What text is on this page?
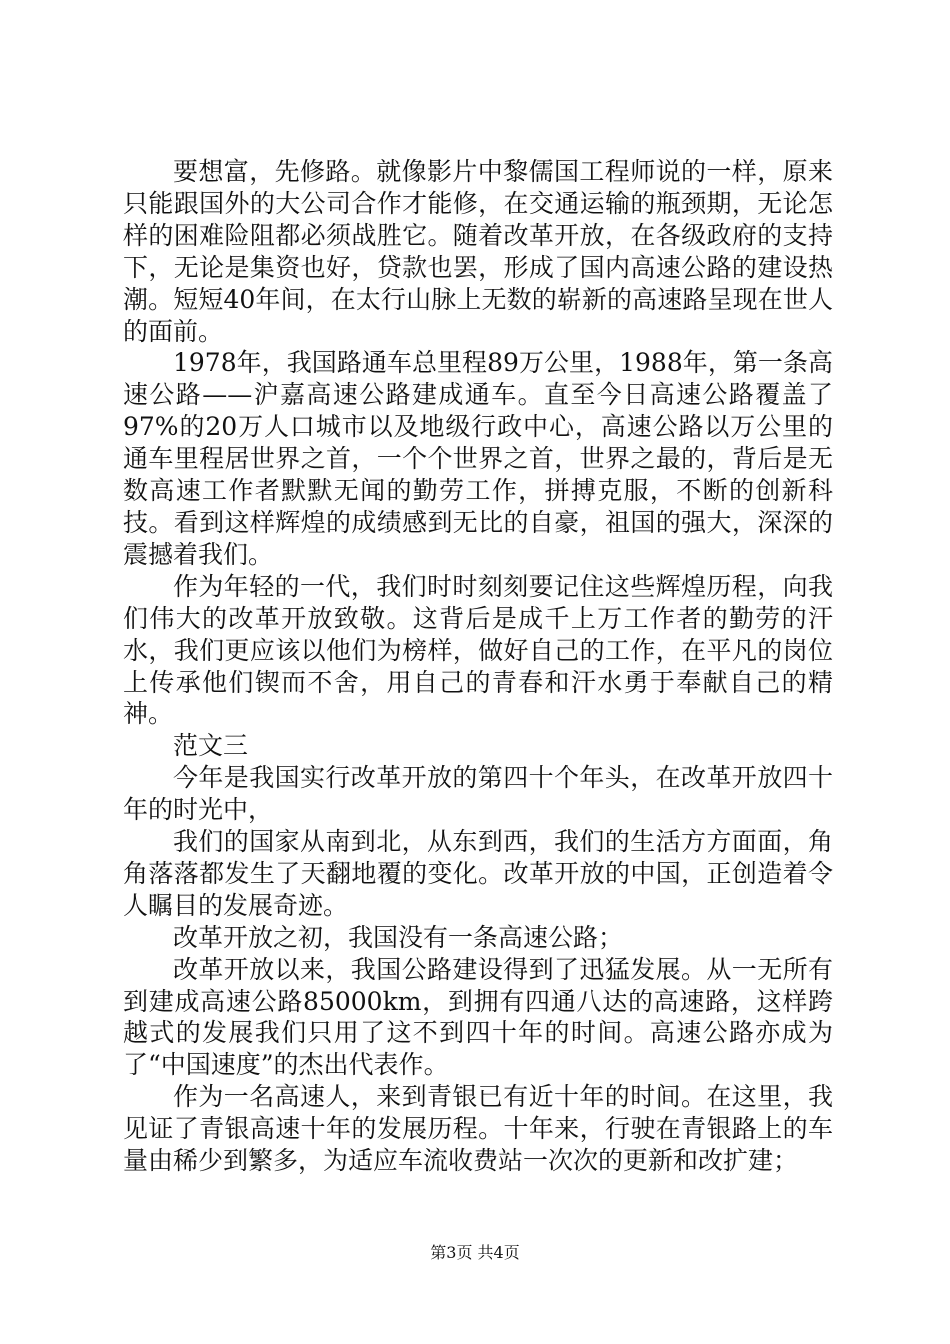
要想富，先修路。就像影片中黎儒国工程师说的一样，原来只能跟国外的大公司合作才能修，在交通运输的瓶颈期，无论怎样的困难险阻都必须战胜它。随着改革开放，在各级政府的支持下，无论是集资也好，贷款也罢，形成了国内高速公路的建设热潮。短短40年间，在太行山脉上无数的崭新的高速路呈现在世人的面前。

1978年，我国路通车总里程89万公里，1988年，第一条高速公路——沪嘉高速公路建成通车。直至今日高速公路覆盖了97%的20万人口城市以及地级行政中心，高速公路以万公里的通车里程居世界之首，一个个世界之首，世界之最的，背后是无数高速工作者默默无闻的勤劳工作，拼搏克服，不断的创新科技。看到这样辉煌的成绩感到无比的自豪，祖国的强大，深深的震撼着我们。

作为年轻的一代，我们时时刻刻要记住这些辉煌历程，向我们伟大的改革开放致敬。这背后是成千上万工作者的勤劳的汗水，我们更应该以他们为榜样，做好自己的工作，在平凡的岗位上传承他们锲而不舍，用自己的青春和汗水勇于奉献自己的精神。

范文三

今年是我国实行改革开放的第四十个年头，在改革开放四十年的时光中，

我们的国家从南到北，从东到西，我们的生活方方面面，角角落落都发生了天翻地覆的变化。改革开放的中国，正创造着令人瞩目的发展奇迹。

改革开放之初，我国没有一条高速公路；

改革开放以来，我国公路建设得到了迅猛发展。从一无所有到建成高速公路85000km，到拥有四通八达的高速路，这样跨越式的发展我们只用了这不到四十年的时间。高速公路亦成为了“中国速度”的杰出代表作。

作为一名高速人，来到青银已有近十年的时间。在这里，我见证了青银高速十年的发展历程。十年来，行驶在青银路上的车量由稀少到繁多，为适应车流收费站一次次的更新和改扩建；

第3页 共4页
